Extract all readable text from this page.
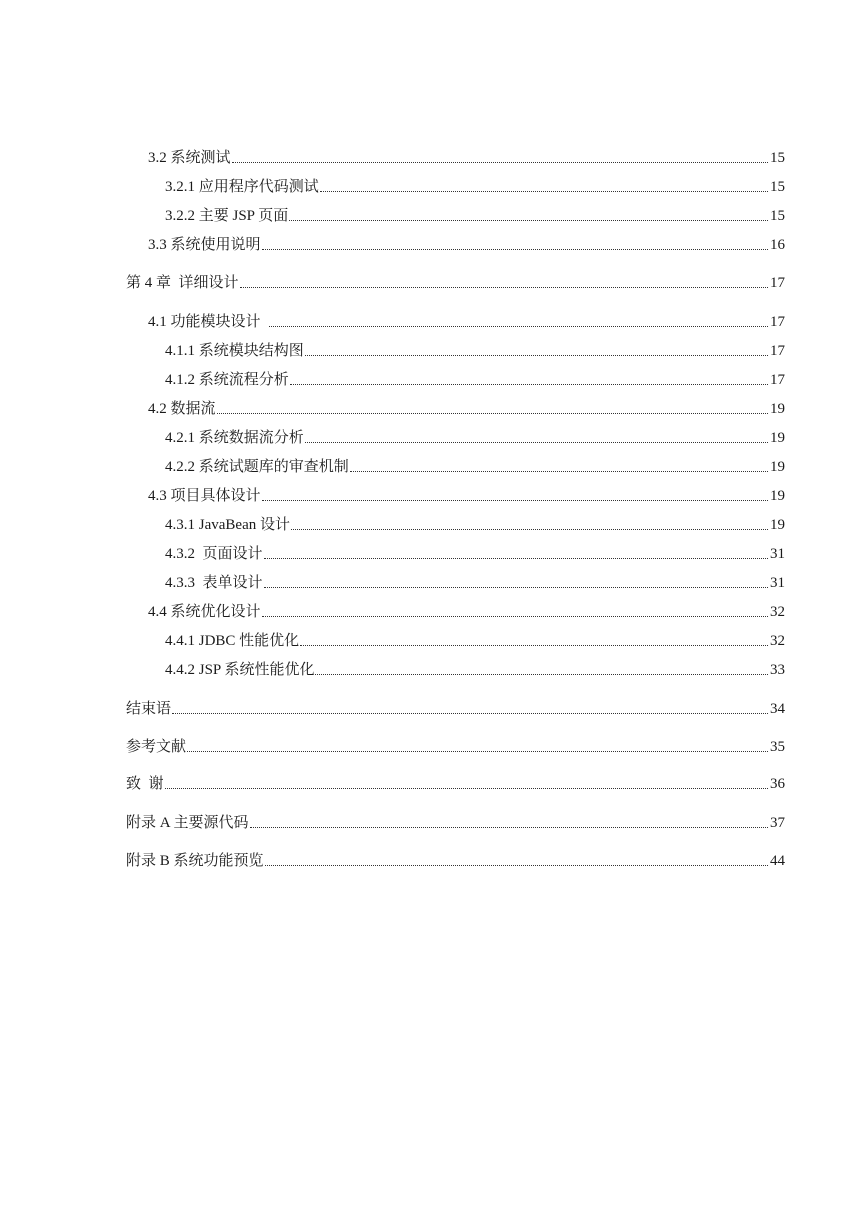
3.2 系统测试	15
3.2.1 应用程序代码测试	15
3.2.2 主要 JSP 页面	15
3.3 系统使用说明	16
第 4 章  详细设计	17
4.1 功能模块设计	17
4.1.1 系统模块结构图	17
4.1.2 系统流程分析	17
4.2 数据流	19
4.2.1 系统数据流分析	19
4.2.2 系统试题库的审查机制	19
4.3 项目具体设计	19
4.3.1 JavaBean 设计	19
4.3.2  页面设计	31
4.3.3  表单设计	31
4.4 系统优化设计	32
4.4.1 JDBC 性能优化	32
4.4.2 JSP 系统性能优化	33
结束语	34
参考文献	35
致  谢	36
附录 A 主要源代码	37
附录 B 系统功能预览	44
